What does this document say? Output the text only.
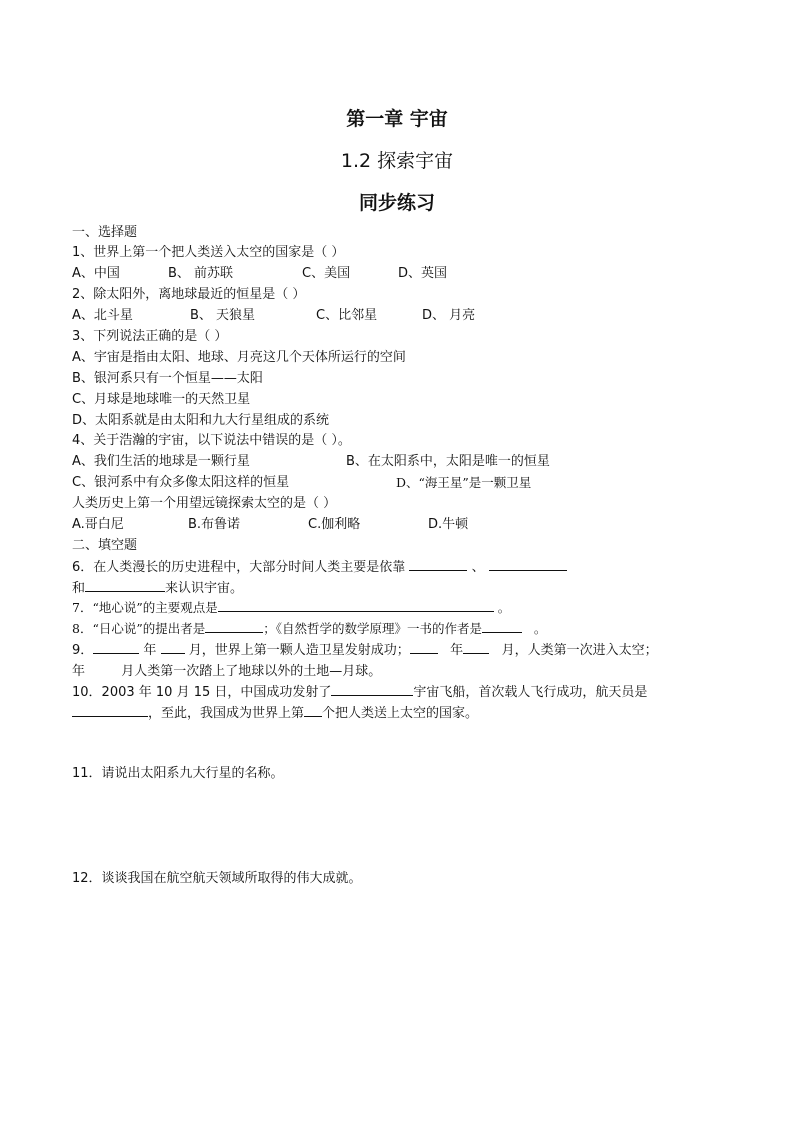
第一章 宇宙
1.2 探索宇宙
同步练习
一、选择题
1、世界上第一个把人类送入太空的国家是（ ）
A、中国	B、 前苏联	C、美国	D、英国
2、除太阳外，离地球最近的恒星是（ ）
A、北斗星	B、 天狼星	C、比邻星	D、 月亮
3、下列说法正确的是（ ）
A、宇宙是指由太阳、地球、月亮这几个天体所运行的空间
B、银河系只有一个恒星——太阳
C、月球是地球唯一的天然卫星
D、太阳系就是由太阳和九大行星组成的系统
4、关于浩瀚的宇宙，以下说法中错误的是（ ）。
A、我们生活的地球是一颗行星	B、在太阳系中，太阳是唯一的恒星
C、银河系中有众多像太阳这样的恒星	D、“海王星”是一颗卫星
人类历史上第一个用望远镜探索太空的是（ ）
A.哥白尼	B.布鲁诺	C.伽利略	D.牛顿
二、填空题
6．在人类漫长的历史进程中，大部分时间人类主要是依靠	、
和	来认识宇宙。
7．“地心说”的主要观点是	。
8．“日心说”的提出者是	；《自然哲学的数学原理》一书的作者是	。
9．	年 月，世界上第一颗人造卫星发射成功；	年	月，人类第一次进入太空；
年	月人类第一次踏上了地球以外的土地—月球。
10．2003 年 10 月 15 日，中国成功发射了	宇宙飞船，首次载人飞行成功，航天员是
，至此，我国成为世界上第 个把人类送上太空的国家。
11．请说出太阳系九大行星的名称。
12．谈谈我国在航空航天领域所取得的伟大成就。
